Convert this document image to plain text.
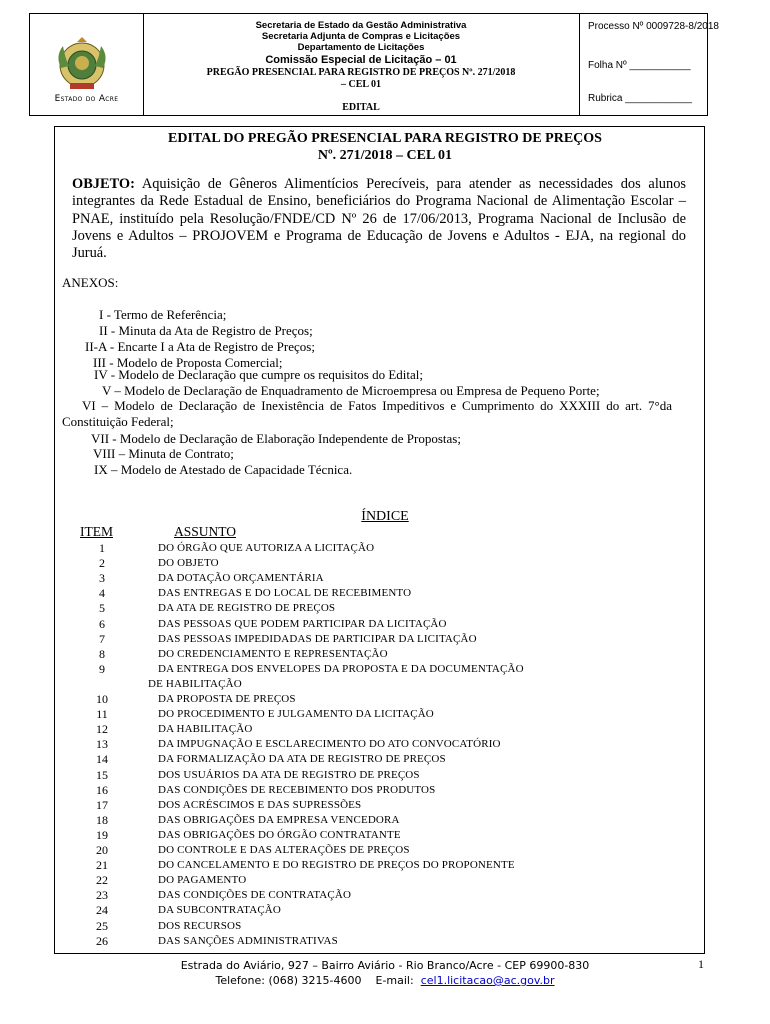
Estado do Acre
Secretaria de Estado da Gestão Administrativa
Secretaria Adjunta de Compras e Licitações
Departamento de Licitações
Comissão Especial de Licitação – 01
PREGÃO PRESENCIAL PARA REGISTRO DE PREÇOS Nº. 271/2018
– CEL 01
EDITAL
Processo Nº 0009728-8/2018
Folha Nº ___________
Rubrica ____________
EDITAL DO PREGÃO PRESENCIAL PARA REGISTRO DE PREÇOS
Nº. 271/2018 – CEL 01
OBJETO: Aquisição de Gêneros Alimentícios Perecíveis, para atender as necessidades dos alunos integrantes da Rede Estadual de Ensino, beneficiários do Programa Nacional de Alimentação Escolar – PNAE, instituído pela Resolução/FNDE/CD Nº 26 de 17/06/2013, Programa Nacional de Inclusão de Jovens e Adultos – PROJOVEM e Programa de Educação de Jovens e Adultos - EJA, na regional do Juruá.
ANEXOS:
I - Termo de Referência;
II - Minuta da Ata de Registro de Preços;
II-A - Encarte I a Ata de Registro de Preços;
III - Modelo de Proposta Comercial;
IV - Modelo de Declaração que cumpre os requisitos do Edital;
V – Modelo de Declaração de Enquadramento de Microempresa ou Empresa de Pequeno Porte;
VI – Modelo de Declaração de Inexistência de Fatos Impeditivos e Cumprimento do XXXIII do art. 7°da Constituição Federal;
VII - Modelo de Declaração de Elaboração Independente de Propostas;
VIII – Minuta de Contrato;
IX – Modelo de Atestado de Capacidade Técnica.
ÍNDICE
ITEM	ASSUNTO
1	DO ÓRGÃO QUE AUTORIZA A LICITAÇÃO
2	DO OBJETO
3	DA DOTAÇÃO ORÇAMENTÁRIA
4	DAS ENTREGAS E DO LOCAL DE RECEBIMENTO
5	DA ATA DE REGISTRO DE PREÇOS
6	DAS PESSOAS QUE PODEM PARTICIPAR DA LICITAÇÃO
7	DAS PESSOAS IMPEDIDADAS DE PARTICIPAR DA LICITAÇÃO
8	DO CREDENCIAMENTO E REPRESENTAÇÃO
9	DA ENTREGA DOS ENVELOPES DA PROPOSTA E DA DOCUMENTAÇÃO
DE HABILITAÇÃO
10	DA PROPOSTA DE PREÇOS
11	DO PROCEDIMENTO E JULGAMENTO DA LICITAÇÃO
12	DA HABILITAÇÃO
13	DA IMPUGNAÇÃO E ESCLARECIMENTO DO ATO CONVOCATÓRIO
14	DA FORMALIZAÇÃO DA ATA DE REGISTRO DE PREÇOS
15	DOS USUÁRIOS DA ATA DE REGISTRO DE PREÇOS
16	DAS CONDIÇÕES DE RECEBIMENTO DOS PRODUTOS
17	DOS ACRÉSCIMOS E DAS SUPRESSÕES
18	DAS OBRIGAÇÕES DA EMPRESA VENCEDORA
19	DAS OBRIGAÇÕES DO ÓRGÃO CONTRATANTE
20	DO CONTROLE E DAS ALTERAÇÕES DE PREÇOS
21	DO CANCELAMENTO E DO REGISTRO DE PREÇOS DO PROPONENTE
22	DO PAGAMENTO
23	DAS CONDIÇÕES DE CONTRATAÇÃO
24	DA SUBCONTRATAÇÃO
25	DOS RECURSOS
26	DAS SANÇÕES ADMINISTRATIVAS
Estrada do Aviário, 927 – Bairro Aviário - Rio Branco/Acre - CEP 69900-830
Telefone: (068) 3215-4600 E-mail: cel1.licitacao@ac.gov.br
1
